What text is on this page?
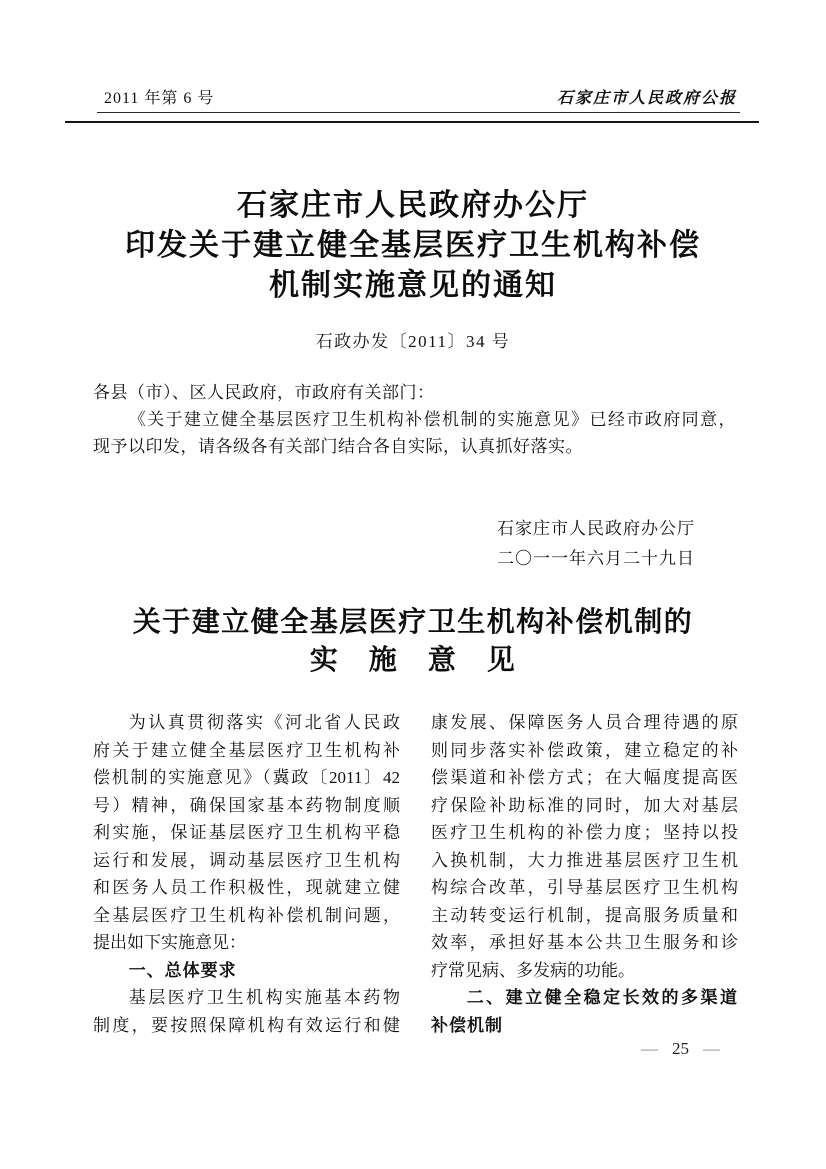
2011 年第 6 号	石家庄市人民政府公报
石家庄市人民政府办公厅
印发关于建立健全基层医疗卫生机构补偿
机制实施意见的通知
石政办发〔2011〕34 号
各县（市）、区人民政府，市政府有关部门：
《关于建立健全基层医疗卫生机构补偿机制的实施意见》已经市政府同意，
现予以印发，请各级各有关部门结合各自实际，认真抓好落实。
石家庄市人民政府办公厅
二〇一一年六月二十九日
关于建立健全基层医疗卫生机构补偿机制的
实　施　意　见
为认真贯彻落实《河北省人民政
府关于建立健全基层医疗卫生机构补
偿机制的实施意见》（冀政〔2011〕42
号）精神，确保国家基本药物制度顺
利实施，保证基层医疗卫生机构平稳
运行和发展，调动基层医疗卫生机构
和医务人员工作积极性，现就建立健
全基层医疗卫生机构补偿机制问题，
提出如下实施意见：
一、总体要求
基层医疗卫生机构实施基本药物
制度，要按照保障机构有效运行和健
康发展、保障医务人员合理待遇的原
则同步落实补偿政策，建立稳定的补
偿渠道和补偿方式；在大幅度提高医
疗保险补助标准的同时，加大对基层
医疗卫生机构的补偿力度；坚持以投
入换机制，大力推进基层医疗卫生机
构综合改革，引导基层医疗卫生机构
主动转变运行机制，提高服务质量和
效率，承担好基本公共卫生服务和诊
疗常见病、多发病的功能。
二、建立健全稳定长效的多渠道
补偿机制
— 25 —
